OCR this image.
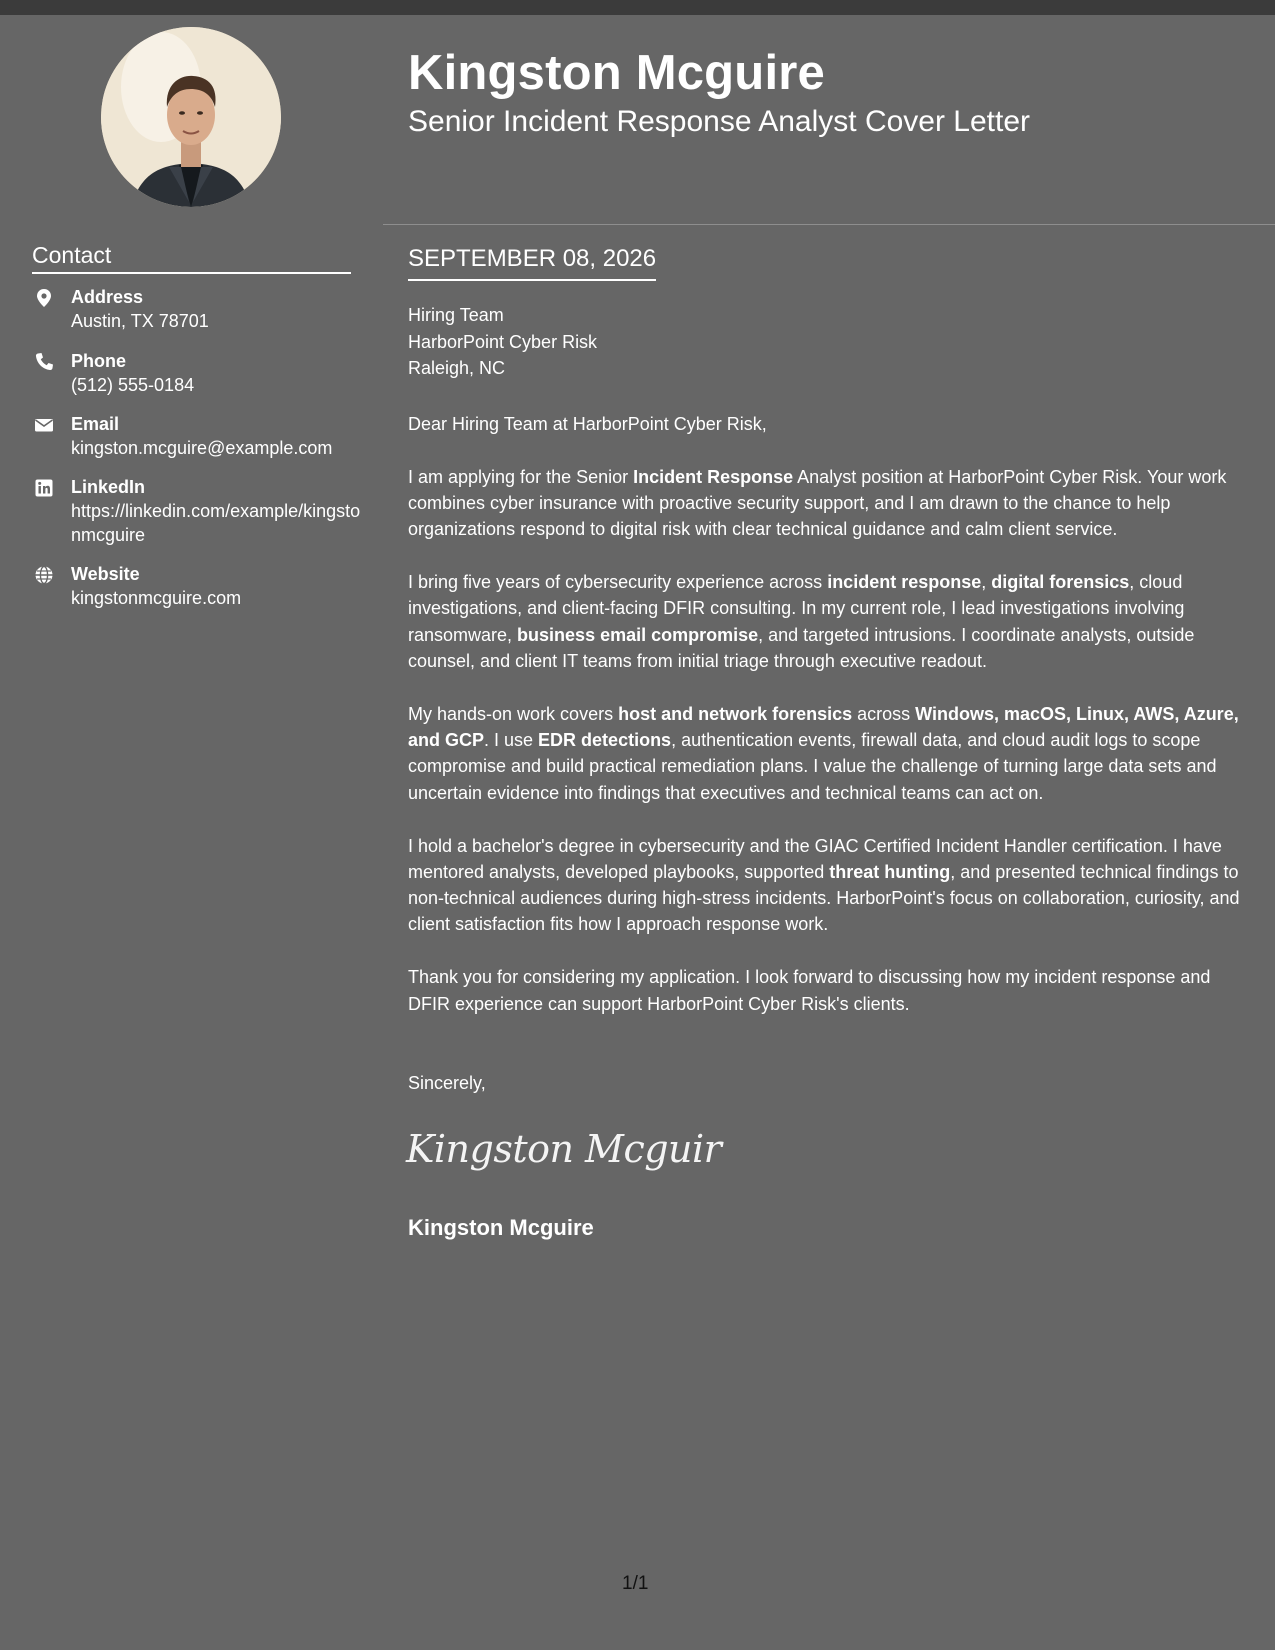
Kingston Mcguire
Senior Incident Response Analyst Cover Letter
Contact
Address
Austin, TX 78701
Phone
(512) 555-0184
Email
kingston.mcguire@example.com
LinkedIn
https://linkedin.com/example/kingstonmcguire
Website
kingstonmcguire.com
SEPTEMBER 08, 2026
Hiring Team
HarborPoint Cyber Risk
Raleigh, NC

Dear Hiring Team at HarborPoint Cyber Risk,

I am applying for the Senior Incident Response Analyst position at HarborPoint Cyber Risk. Your work combines cyber insurance with proactive security support, and I am drawn to the chance to help organizations respond to digital risk with clear technical guidance and calm client service.

I bring five years of cybersecurity experience across incident response, digital forensics, cloud investigations, and client-facing DFIR consulting. In my current role, I lead investigations involving ransomware, business email compromise, and targeted intrusions. I coordinate analysts, outside counsel, and client IT teams from initial triage through executive readout.

My hands-on work covers host and network forensics across Windows, macOS, Linux, AWS, Azure, and GCP. I use EDR detections, authentication events, firewall data, and cloud audit logs to scope compromise and build practical remediation plans. I value the challenge of turning large data sets and uncertain evidence into findings that executives and technical teams can act on.

I hold a bachelor's degree in cybersecurity and the GIAC Certified Incident Handler certification. I have mentored analysts, developed playbooks, supported threat hunting, and presented technical findings to non-technical audiences during high-stress incidents. HarborPoint's focus on collaboration, curiosity, and client satisfaction fits how I approach response work.

Thank you for considering my application. I look forward to discussing how my incident response and DFIR experience can support HarborPoint Cyber Risk's clients.

Sincerely,
Kingston Mcguir
Kingston Mcguire
1/1
